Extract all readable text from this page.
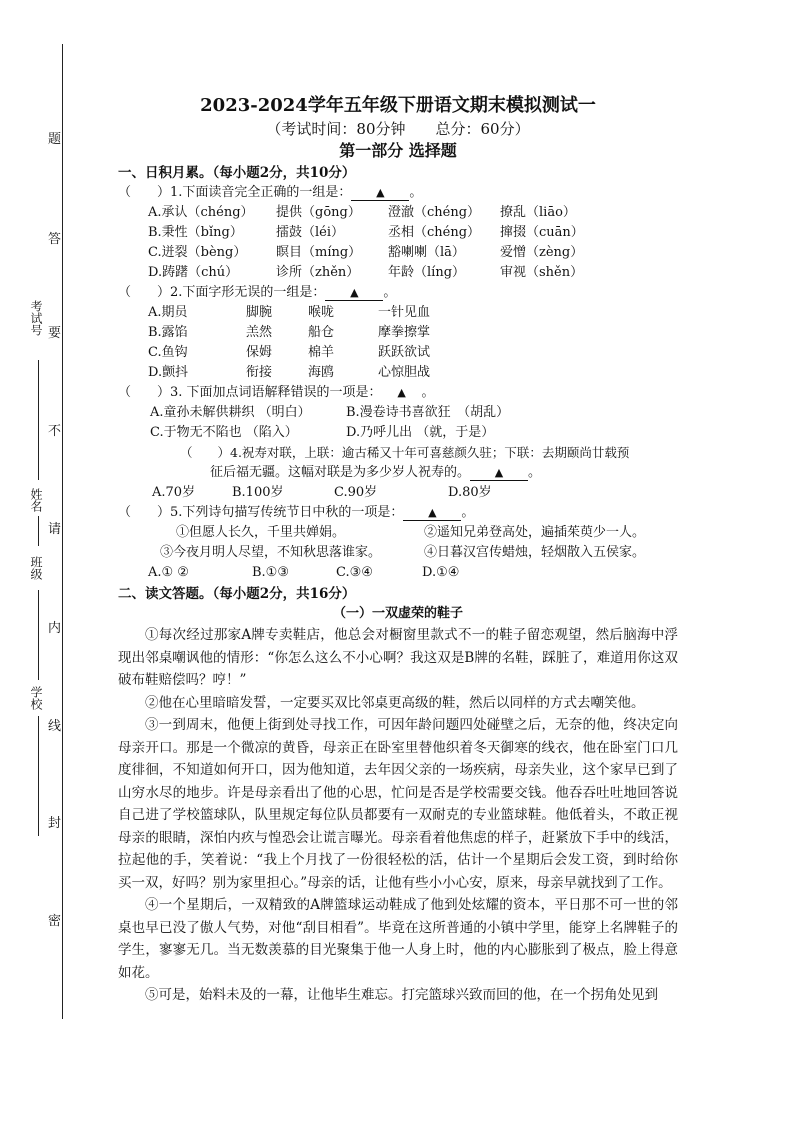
题
答
要
不
请
内
线
封
密
考试号
姓名
班级
学校
2023-2024学年五年级下册语文期末模拟测试一
（考试时间：80分钟　　总分：60分）
第一部分 选择题
一、日积月累。（每小题2分，共10分）
（　　）1.下面读音完全正确的一组是： ▲ 。
A.承认（chéng）	提供（gōng）	澄澈（chéng）	撩乱（liāo）
B.秉性（bǐng）	擂鼓（léi）	丞相（chéng）	撺掇（cuān）
C.迸裂（bèng）	瞑目（míng）	豁喇喇（lā）	爱憎（zèng）
D.踌躇（chú）	诊所（zhěn）	年龄（líng）	审视（shěn）
（　　）2.下面字形无误的一组是： ▲ 。
A.期员	脚腕	喉咙	一针见血
B.露馅	羔然	船仓	摩拳擦掌
C.鱼钩	保姆	棉羊	跃跃欲试
D.颤抖	衔接	海鸥	心惊胆战
（　　）3. 下面加点词语解释错误的一项是： ▲ 。
A.童孙未解供耕织 （明白）	B.漫卷诗书喜欲狂　（胡乱）
C.于物无不陷也 （陷入）	D.乃呼儿出 （就，于是）
（　　）4.祝寿对联，上联：逾古稀又十年可喜慈颜久驻；下联：去期颐尚廿载预
征后福无疆。这幅对联是为多少岁人祝寿的。 ▲ 。
A.70岁	B.100岁	C.90岁	D.80岁
（　　）5.下列诗句描写传统节日中秋的一项是： ▲ 。
①但愿人长久，千里共婵娟。	②遥知兄弟登高处，遍插茱萸少一人。
③今夜月明人尽望，不知秋思落谁家。	④日暮汉宫传蜡烛，轻烟散入五侯家。
A.① ②	B.①③	C.③④	D.①④
二、读文答题。（每小题2分，共16分）
（一）一双虚荣的鞋子

①每次经过那家A牌专卖鞋店，他总会对橱窗里款式不一的鞋子留恋观望，然后脑海中浮现出邻桌嘲讽他的情形：“你怎么这么不小心啊？我这双是B牌的名鞋，踩脏了，难道用你这双破布鞋赔偿吗？哼！”

②他在心里暗暗发誓，一定要买双比邻桌更高级的鞋，然后以同样的方式去嘲笑他。

③一到周末，他便上街到处寻找工作，可因年龄问题四处碰壁之后，无奈的他，终决定向母亲开口。那是一个微凉的黄昏，母亲正在卧室里替他织着冬天御寒的线衣，他在卧室门口几度徘徊，不知道如何开口，因为他知道，去年因父亲的一场疾病，母亲失业，这个家早已到了山穷水尽的地步。许是母亲看出了他的心思，忙问是否是学校需要交钱。他吞吞吐吐地回答说自己进了学校篮球队，队里规定每位队员都要有一双耐克的专业篮球鞋。他低着头，不敢正视母亲的眼睛，深怕内疚与惶恐会让谎言曝光。母亲看着他焦虑的样子，赶紧放下手中的线活，拉起他的手，笑着说：“我上个月找了一份很轻松的活，估计一个星期后会发工资，到时给你买一双，好吗？别为家里担心。”母亲的话，让他有些小小心安，原来，母亲早就找到了工作。

④一个星期后，一双精致的A牌篮球运动鞋成了他到处炫耀的资本，平日那不可一世的邻桌也早已没了傲人气势，对他“刮目相看”。毕竟在这所普通的小镇中学里，能穿上名牌鞋子的学生，寥寥无几。当无数羡慕的目光聚集于他一人身上时，他的内心膨胀到了极点，脸上得意如花。

⑤可是，始料未及的一幕，让他毕生难忘。打完篮球兴致而回的他，在一个拐角处见到
